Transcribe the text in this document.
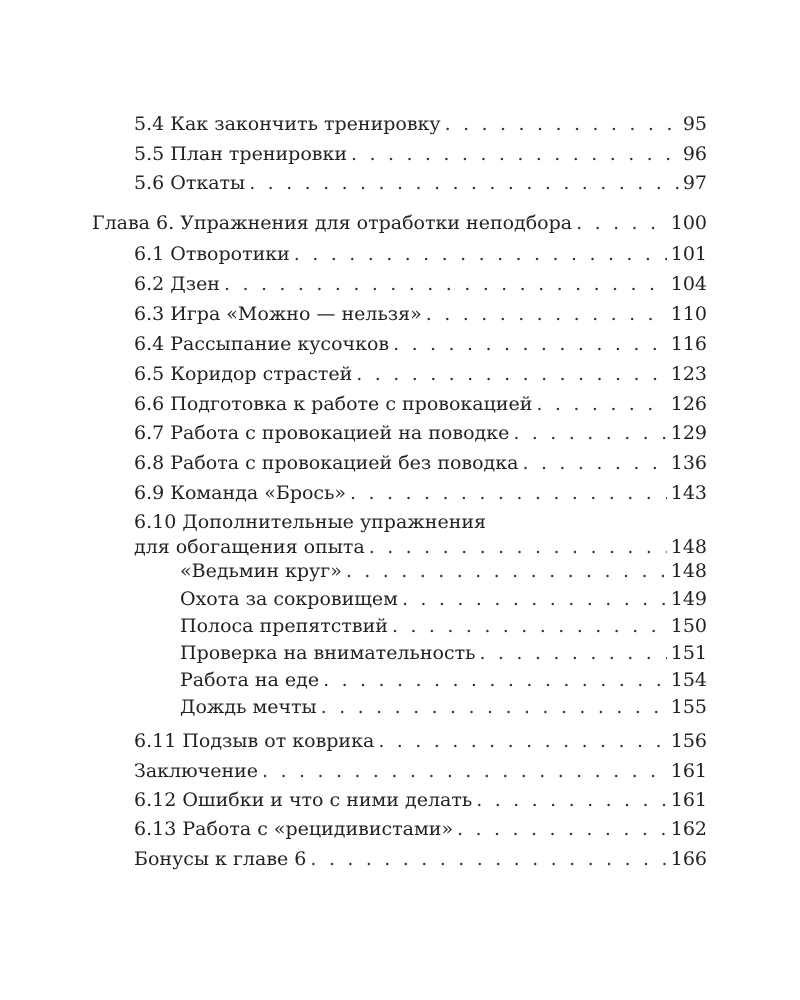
5.4 Как закончить тренировку . . .	95
5.5 План тренировки . . .	96
5.6 Откаты . . .	97
Глава 6. Упражнения для отработки неподбора . . .	100
6.1 Отворотики . . .	101
6.2 Дзен . . .	104
6.3 Игра «Можно — нельзя» . . .	110
6.4 Рассыпание кусочков . . .	116
6.5 Коридор страстей . . .	123
6.6 Подготовка к работе с провокацией . . .	126
6.7 Работа с провокацией на поводке . . .	129
6.8 Работа с провокацией без поводка . . .	136
6.9 Команда «Брось» . . .	143
6.10 Дополнительные упражнения
для обогащения опыта . . .	148
«Ведьмин круг» . . .	148
Охота за сокровищем . . .	149
Полоса препятствий . . .	150
Проверка на внимательность . . .	151
Работа на еде . . .	154
Дождь мечты . . .	155
6.11 Подзыв от коврика . . .	156
Заключение . . .	161
6.12 Ошибки и что с ними делать . . .	161
6.13 Работа с «рецидивистами» . . .	162
Бонусы к главе 6 . . .	166
